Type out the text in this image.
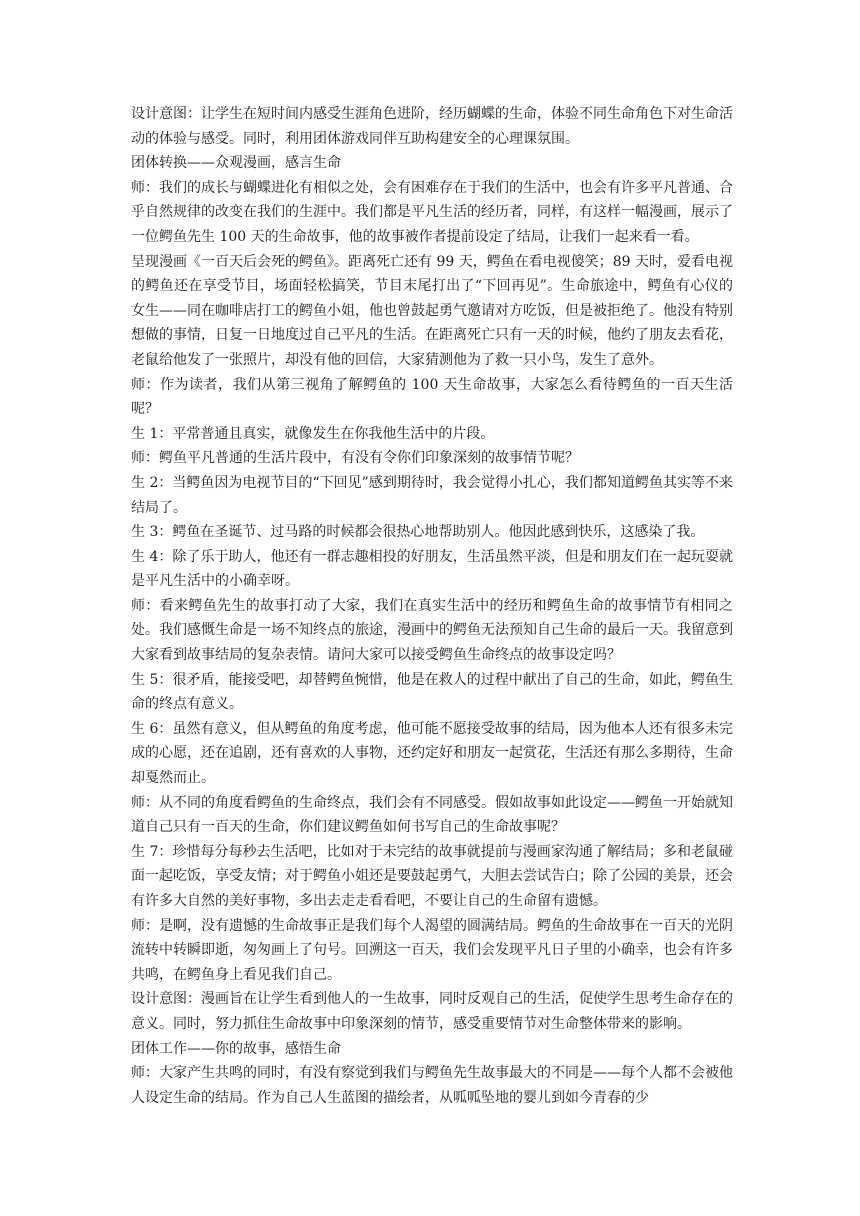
设计意图：让学生在短时间内感受生涯角色进阶，经历蝴蝶的生命，体验不同生命角色下对生命活动的体验与感受。同时，利用团体游戏同伴互助构建安全的心理课氛围。

团体转换——众观漫画，感言生命

师：我们的成长与蝴蝶进化有相似之处，会有困难存在于我们的生活中，也会有许多平凡普通、合乎自然规律的改变在我们的生涯中。我们都是平凡生活的经历者，同样，有这样一幅漫画，展示了一位鳄鱼先生 100 天的生命故事，他的故事被作者提前设定了结局，让我们一起来看一看。

呈现漫画《一百天后会死的鳄鱼》。距离死亡还有 99 天，鳄鱼在看电视傻笑；89 天时，爱看电视的鳄鱼还在享受节目，场面轻松搞笑，节目末尾打出了“下回再见”。生命旅途中，鳄鱼有心仪的女生——同在咖啡店打工的鳄鱼小姐，他也曾鼓起勇气邀请对方吃饭，但是被拒绝了。他没有特别想做的事情，日复一日地度过自己平凡的生活。在距离死亡只有一天的时候，他约了朋友去看花，老鼠给他发了一张照片，却没有他的回信，大家猜测他为了救一只小鸟，发生了意外。

师：作为读者，我们从第三视角了解鳄鱼的 100 天生命故事，大家怎么看待鳄鱼的一百天生活呢？

生 1：平常普通且真实，就像发生在你我他生活中的片段。

师：鳄鱼平凡普通的生活片段中，有没有令你们印象深刻的故事情节呢？

生 2：当鳄鱼因为电视节目的“下回见”感到期待时，我会觉得小扎心，我们都知道鳄鱼其实等不来结局了。

生 3：鳄鱼在圣诞节、过马路的时候都会很热心地帮助别人。他因此感到快乐，这感染了我。

生 4：除了乐于助人，他还有一群志趣相投的好朋友，生活虽然平淡，但是和朋友们在一起玩耍就是平凡生活中的小确幸呀。

师：看来鳄鱼先生的故事打动了大家，我们在真实生活中的经历和鳄鱼生命的故事情节有相同之处。我们感慨生命是一场不知终点的旅途，漫画中的鳄鱼无法预知自己生命的最后一天。我留意到大家看到故事结局的复杂表情。请问大家可以接受鳄鱼生命终点的故事设定吗？

生 5：很矛盾，能接受吧，却替鳄鱼惋惜，他是在救人的过程中献出了自己的生命，如此，鳄鱼生命的终点有意义。

生 6：虽然有意义，但从鳄鱼的角度考虑，他可能不愿接受故事的结局，因为他本人还有很多未完成的心愿，还在追剧，还有喜欢的人事物，还约定好和朋友一起赏花，生活还有那么多期待，生命却戛然而止。

师：从不同的角度看鳄鱼的生命终点，我们会有不同感受。假如故事如此设定——鳄鱼一开始就知道自己只有一百天的生命，你们建议鳄鱼如何书写自己的生命故事呢？

生 7：珍惜每分每秒去生活吧，比如对于未完结的故事就提前与漫画家沟通了解结局；多和老鼠碰面一起吃饭，享受友情；对于鳄鱼小姐还是要鼓起勇气，大胆去尝试告白；除了公园的美景，还会有许多大自然的美好事物，多出去走走看看吧，不要让自己的生命留有遗憾。

师：是啊，没有遗憾的生命故事正是我们每个人渴望的圆满结局。鳄鱼的生命故事在一百天的光阴流转中转瞬即逝，匆匆画上了句号。回溯这一百天，我们会发现平凡日子里的小确幸，也会有许多共鸣，在鳄鱼身上看见我们自己。

设计意图：漫画旨在让学生看到他人的一生故事，同时反观自己的生活，促使学生思考生命存在的意义。同时，努力抓住生命故事中印象深刻的情节，感受重要情节对生命整体带来的影响。

团体工作——你的故事，感悟生命

师：大家产生共鸣的同时，有没有察觉到我们与鳄鱼先生故事最大的不同是——每个人都不会被他人设定生命的结局。作为自己人生蓝图的描绘者，从呱呱坠地的婴儿到如今青春的少
